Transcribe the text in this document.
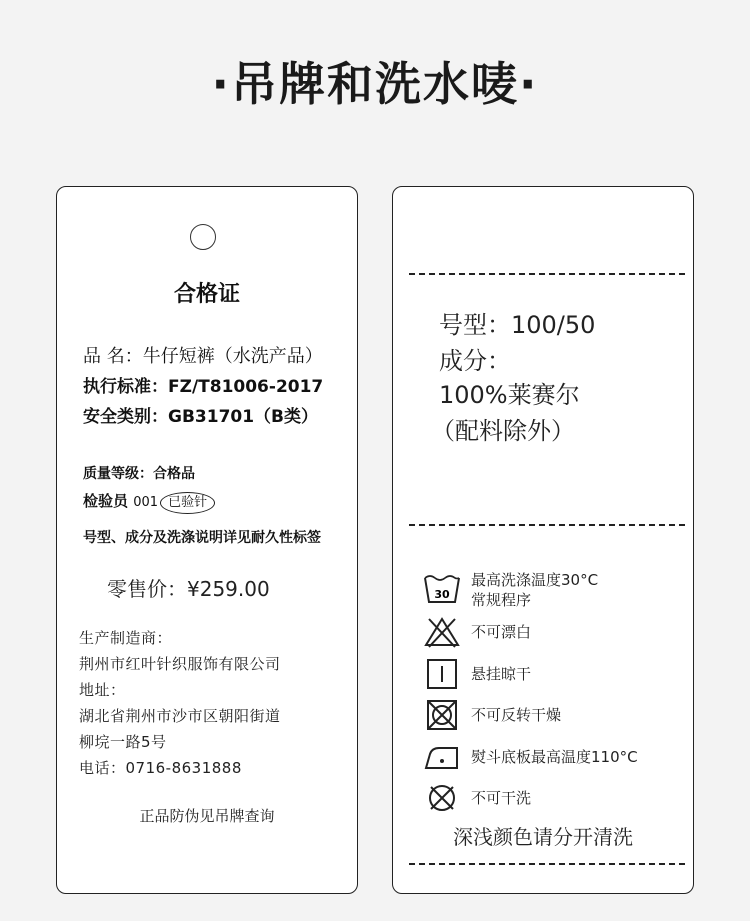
·吊牌和洗水唛·
合格证
品 名：牛仔短裤（水洗产品）
执行标准：FZ/T81006-2017
安全类别：GB31701（B类）
质量等级：合格品
检验员 001 已验针
号型、成分及洗涤说明详见耐久性标签
零售价：¥259.00
生产制造商：
荆州市红叶针织服饰有限公司
地址：
湖北省荆州市沙市区朝阳街道
柳垸一路5号
电话：0716-8631888
正品防伪见吊牌查询
号型：100/50
成分：
100%莱赛尔
（配料除外）
30
最高洗涤温度30°C
常规程序
不可漂白
悬挂晾干
不可反转干燥
熨斗底板最高温度110°C
不可干洗
深浅颜色请分开清洗
